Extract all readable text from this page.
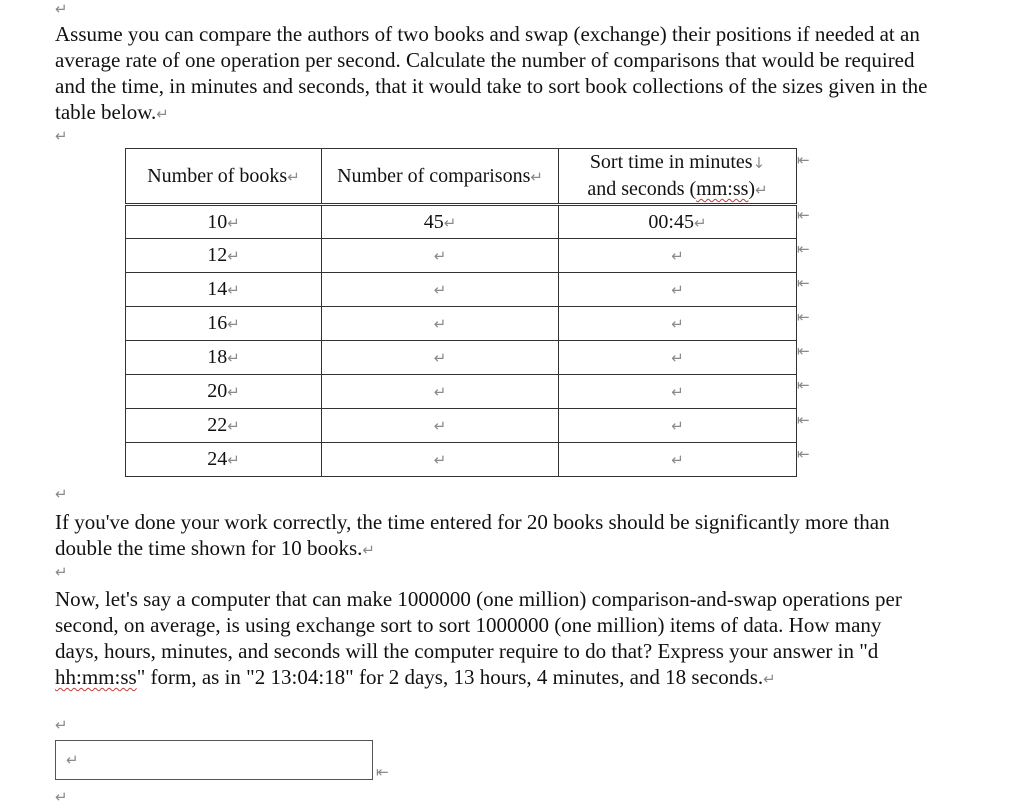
↵

Assume you can compare the authors of two books and swap (exchange) their positions if needed at an average rate of one operation per second. Calculate the number of comparisons that would be required and the time, in minutes and seconds, that it would take to sort book collections of the sizes given in the table below.↵

↵
Number of books↵	Number of comparisons↵	Sort time in minutes↓
and seconds (mm:ss)↵
10↵	45↵	00:45↵
12↵	↵	↵
14↵	↵	↵
16↵	↵	↵
18↵	↵	↵
20↵	↵	↵
22↵	↵	↵
24↵	↵	↵
⇤
⇤
⇤
⇤
⇤
⇤
⇤
⇤
⇤
↵

If you've done your work correctly, the time entered for 20 books should be significantly more than double the time shown for 10 books.↵

↵

Now, let's say a computer that can make 1000000 (one million) comparison-and-swap operations per second, on average, is using exchange sort to sort 1000000 (one million) items of data. How many days, hours, minutes, and seconds will the computer require to do that? Express your answer in "d hh:mm:ss" form, as in "2 13:04:18" for 2 days, 13 hours, 4 minutes, and 18 seconds.↵

↵
↵
⇤
↵
